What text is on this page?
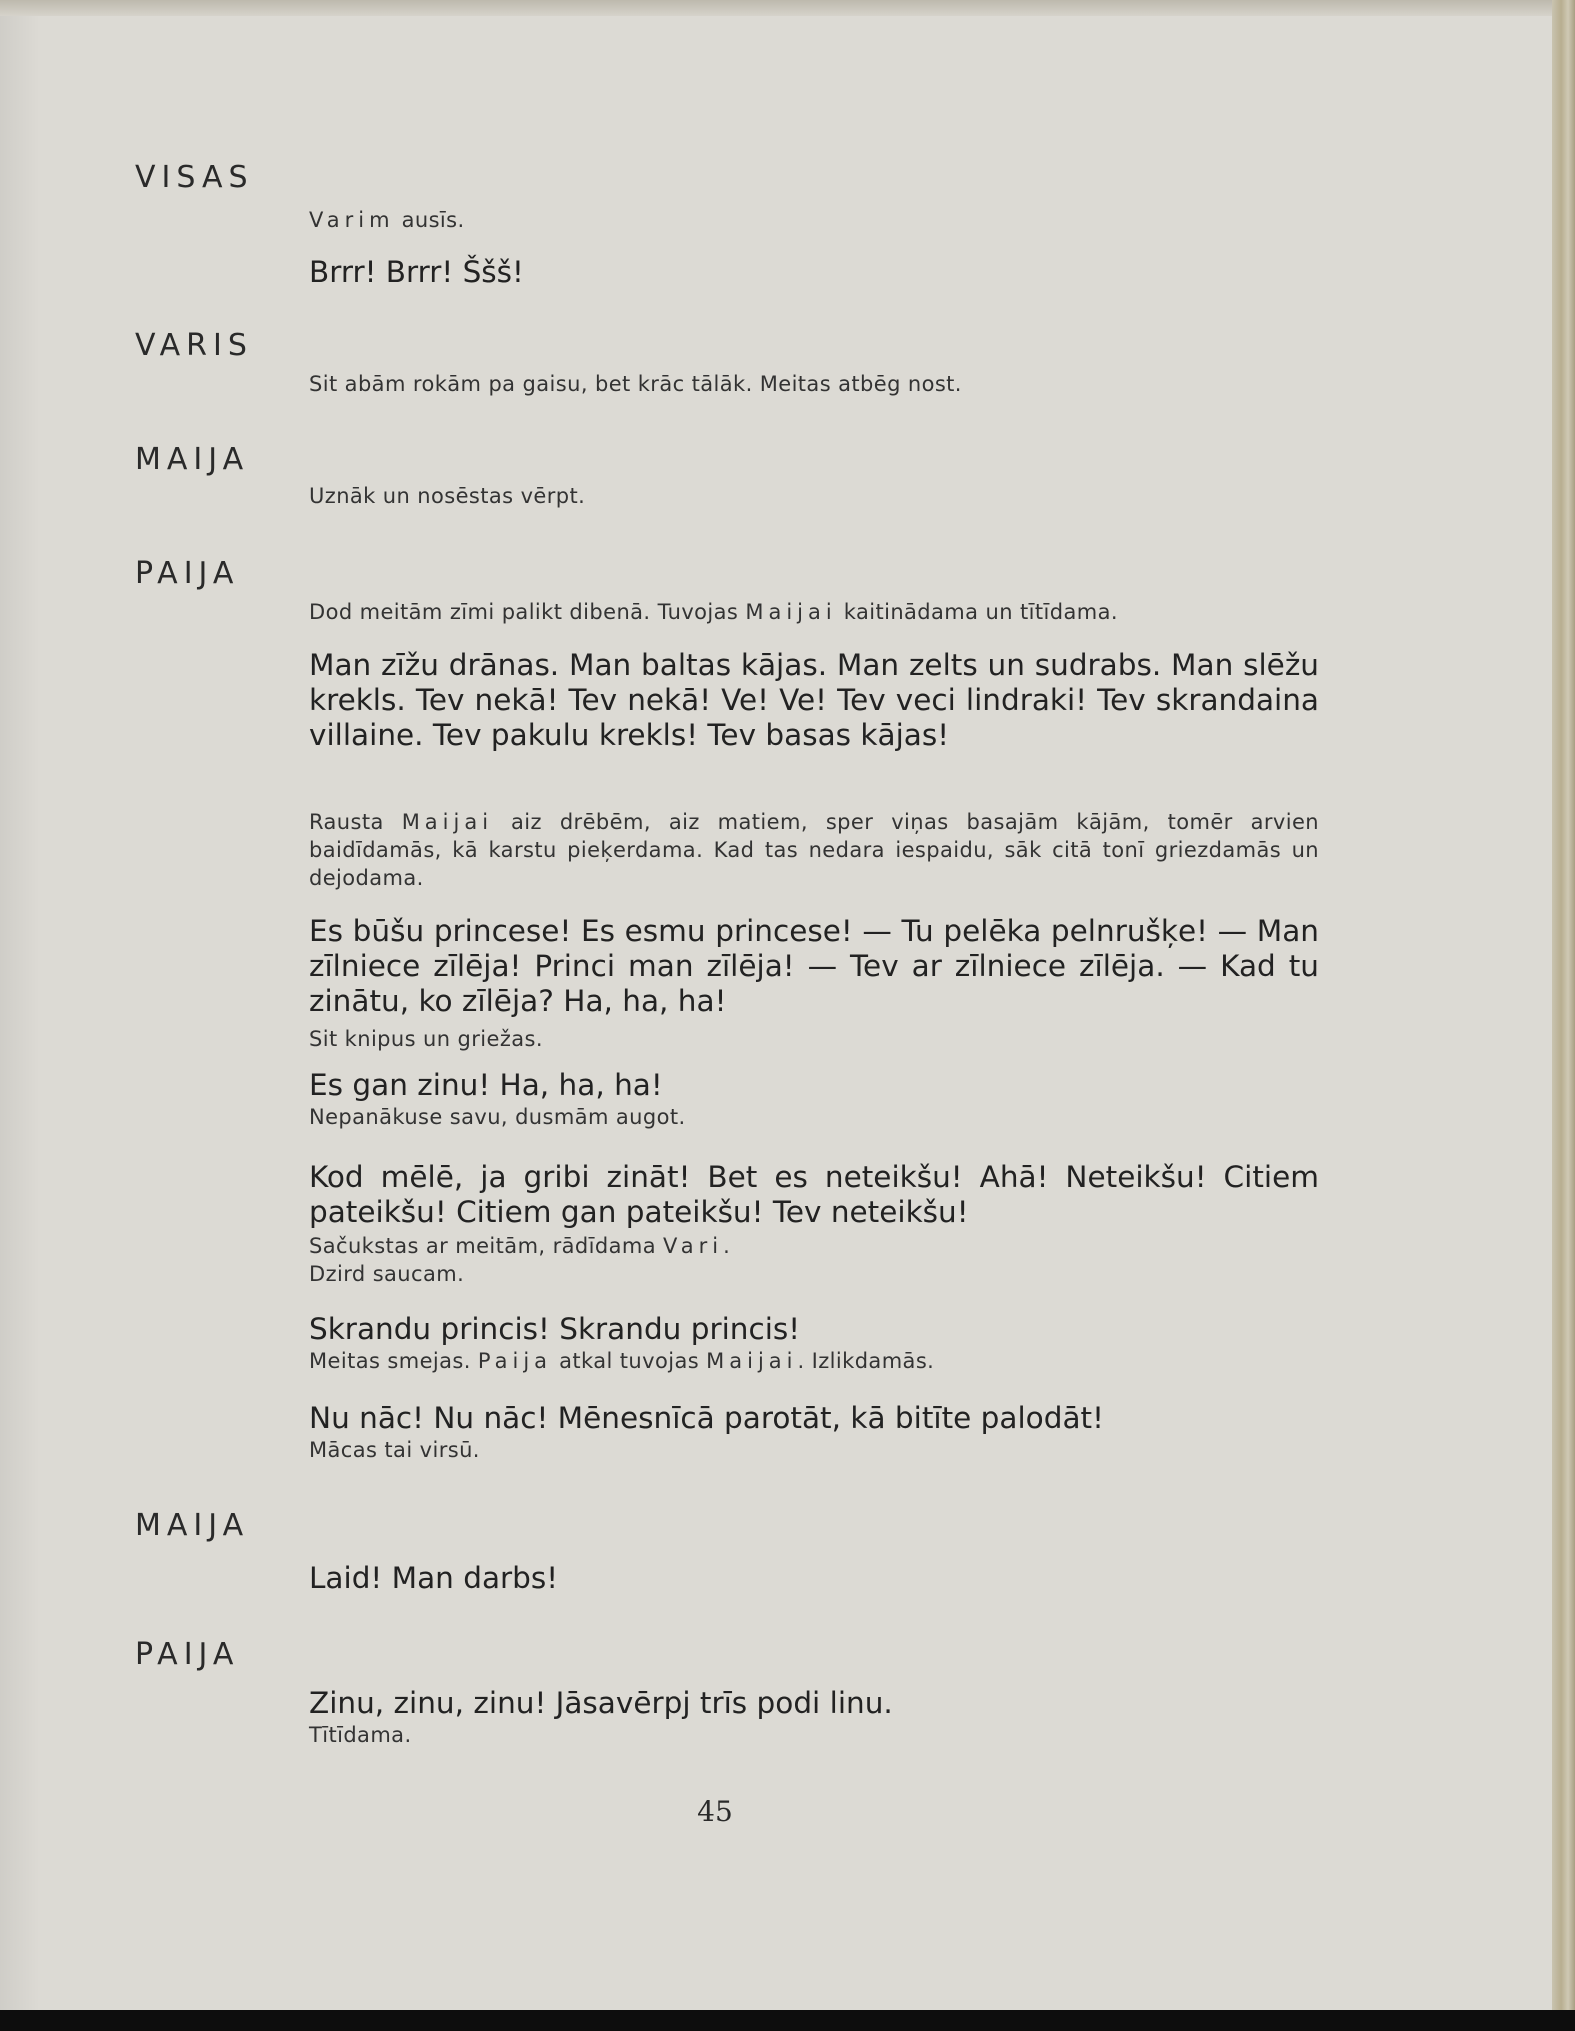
VISAS

VARIS

MAIJA

PAIJA

MAIJA

PAIJA

Varim ausīs.

Brrr! Brrr! Ššš!

Sit abām rokām pa gaisu, bet krāc tālāk. Meitas atbēg nost.

Uznāk un nosēstas vērpt.

Dod meitām zīmi palikt dibenā. Tuvojas Maijai kaitinādama un tītīdama.

Man zīžu drānas. Man baltas kājas. Man zelts un sudrabs. Man slēžu krekls. Tev nekā! Tev nekā! Ve! Ve! Tev veci lindraki! Tev skrandaina villaine. Tev pakulu krekls! Tev basas kājas!

Rausta Maijai aiz drēbēm, aiz matiem, sper viņas basajām kājām, tomēr arvien baidīdamās, kā karstu pieķerdama. Kad tas nedara iespaidu, sāk citā tonī griezdamās un dejodama.

Es būšu princese! Es esmu princese! — Tu pelēka pelnrušķe! — Man zīlniece zīlēja! Princi man zīlēja! — Tev ar zīlniece zīlēja. — Kad tu zinātu, ko zīlēja? Ha, ha, ha!

Sit knipus un griežas.

Es gan zinu! Ha, ha, ha!

Nepanākuse savu, dusmām augot.

Kod mēlē, ja gribi zināt! Bet es neteikšu! Ahā! Neteikšu! Citiem pateikšu! Citiem gan pateikšu! Tev neteikšu!

Sačukstas ar meitām, rādīdama Vari.

Dzird saucam.

Skrandu princis! Skrandu princis!

Meitas smejas. Paija atkal tuvojas Maijai. Izlikdamās.

Nu nāc! Nu nāc! Mēnesnīcā parotāt, kā bitīte palodāt!

Mācas tai virsū.

Laid! Man darbs!

Zinu, zinu, zinu! Jāsavērpj trīs podi linu.

Tītīdama.

45
